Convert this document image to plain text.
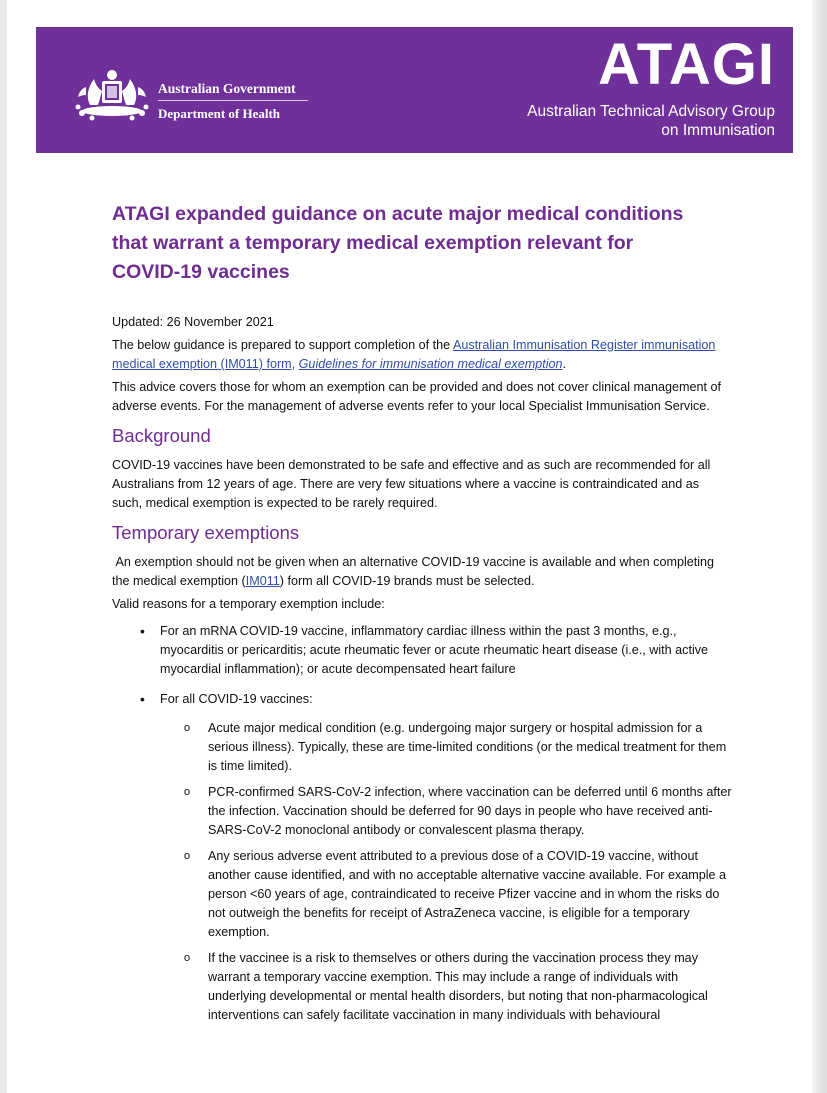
Australian Government
Department of Health
ATAGI
Australian Technical Advisory Group
on Immunisation
ATAGI expanded guidance on acute major medical conditions that warrant a temporary medical exemption relevant for COVID-19 vaccines

Updated: 26 November 2021

The below guidance is prepared to support completion of the Australian Immunisation Register immunisation medical exemption (IM011) form, Guidelines for immunisation medical exemption.

This advice covers those for whom an exemption can be provided and does not cover clinical management of adverse events. For the management of adverse events refer to your local Specialist Immunisation Service.

Background

COVID-19 vaccines have been demonstrated to be safe and effective and as such are recommended for all Australians from 12 years of age. There are very few situations where a vaccine is contraindicated and as such, medical exemption is expected to be rarely required.

Temporary exemptions

An exemption should not be given when an alternative COVID-19 vaccine is available and when completing the medical exemption (IM011) form all COVID-19 brands must be selected.

Valid reasons for a temporary exemption include:

• For an mRNA COVID-19 vaccine, inflammatory cardiac illness within the past 3 months, e.g., myocarditis or pericarditis; acute rheumatic fever or acute rheumatic heart disease (i.e., with active myocardial inflammation); or acute decompensated heart failure
• For all COVID-19 vaccines:
o Acute major medical condition (e.g. undergoing major surgery or hospital admission for a serious illness). Typically, these are time-limited conditions (or the medical treatment for them is time limited).
o PCR-confirmed SARS-CoV-2 infection, where vaccination can be deferred until 6 months after the infection. Vaccination should be deferred for 90 days in people who have received anti-SARS-CoV-2 monoclonal antibody or convalescent plasma therapy.
o Any serious adverse event attributed to a previous dose of a COVID-19 vaccine, without another cause identified, and with no acceptable alternative vaccine available. For example a person <60 years of age, contraindicated to receive Pfizer vaccine and in whom the risks do not outweigh the benefits for receipt of AstraZeneca vaccine, is eligible for a temporary exemption.
o If the vaccinee is a risk to themselves or others during the vaccination process they may warrant a temporary vaccine exemption. This may include a range of individuals with underlying developmental or mental health disorders, but noting that non-pharmacological interventions can safely facilitate vaccination in many individuals with behavioural
